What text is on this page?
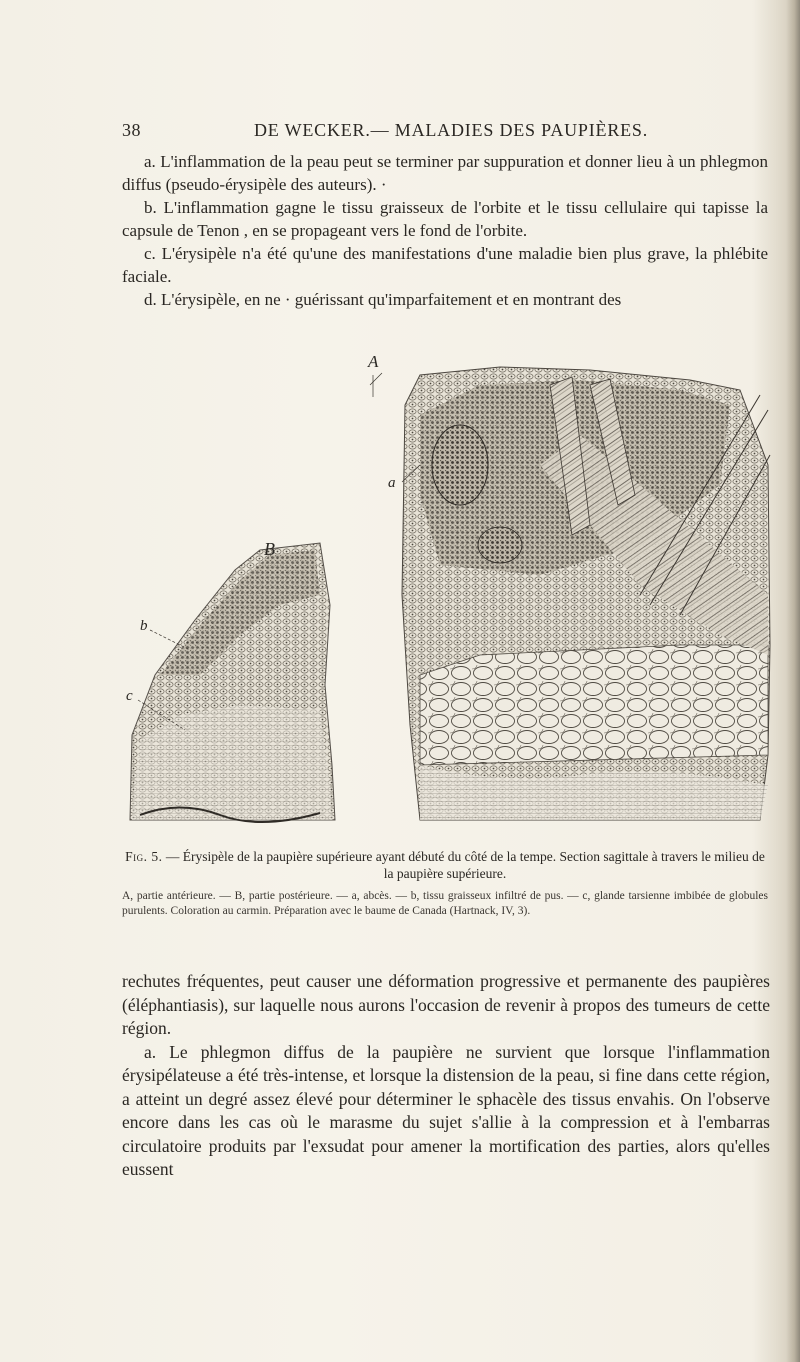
38	DE WECKER.— MALADIES DES PAUPIÈRES.

a. L'inflammation de la peau peut se terminer par suppuration et donner lieu à un phlegmon diffus (pseudo-érysipèle des auteurs). ·

b. L'inflammation gagne le tissu graisseux de l'orbite et le tissu cellulaire qui tapisse la capsule de Tenon , en se propageant vers le fond de l'orbite.

c. L'érysipèle n'a été qu'une des manifestations d'une maladie bien plus grave, la phlébite faciale.

d. L'érysipèle, en ne · guérissant qu'imparfaitement et en montrant des

A
B
a
b
c
Fig. 5. — Érysipèle de la paupière supérieure ayant débuté du côté de la tempe. Section sagittale à travers le milieu de la paupière supérieure.
A, partie antérieure. — B, partie postérieure. — a, abcès. — b, tissu graisseux infiltré de pus. — c, glande tarsienne imbibée de globules purulents. Coloration au carmin. Préparation avec le baume de Canada (Hartnack, IV, 3).

rechutes fréquentes, peut causer une déformation progressive et permanente des paupières (éléphantiasis), sur laquelle nous aurons l'occasion de revenir à propos des tumeurs de cette région.

a. Le phlegmon diffus de la paupière ne survient que lorsque l'inflammation érysipélateuse a été très-intense, et lorsque la distension de la peau, si fine dans cette région, a atteint un degré assez élevé pour déterminer le sphacèle des tissus envahis. On l'observe encore dans les cas où le marasme du sujet s'allie à la compression et à l'embarras circulatoire produits par l'exsudat pour amener la mortification des parties, alors qu'elles eussent
